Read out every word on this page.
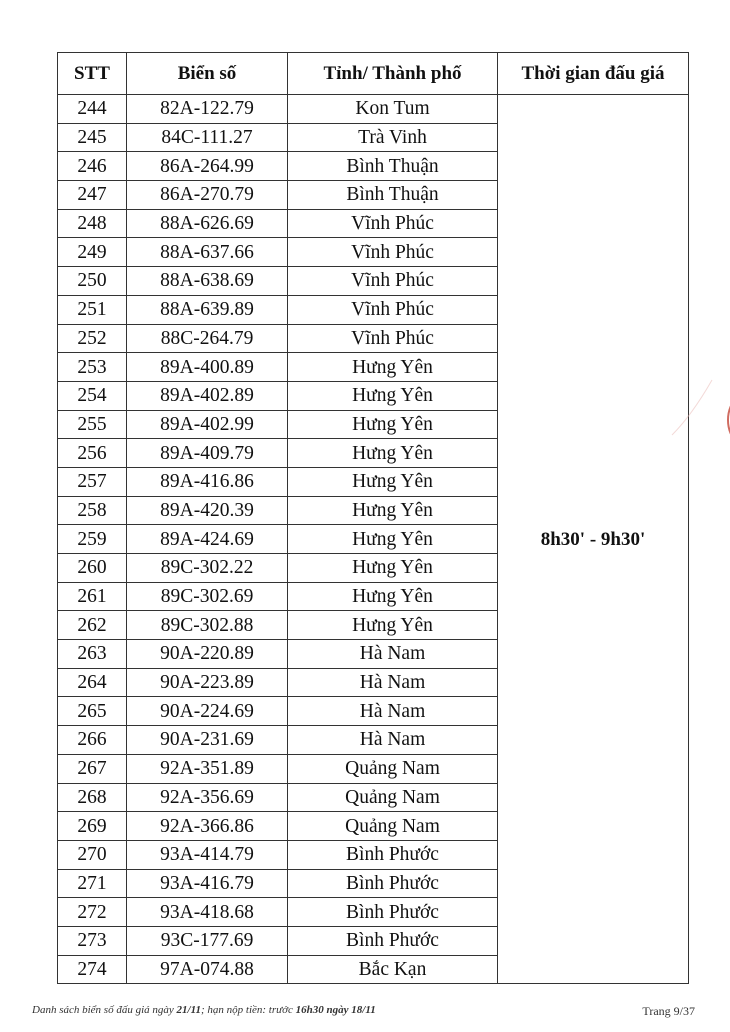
STT	Biển số	Tỉnh/ Thành phố	Thời gian đấu giá
244	82A-122.79	Kon Tum	8h30' - 9h30'
245	84C-111.27	Trà Vinh	
246	86A-264.99	Bình Thuận	
247	86A-270.79	Bình Thuận	
248	88A-626.69	Vĩnh Phúc	
249	88A-637.66	Vĩnh Phúc	
250	88A-638.69	Vĩnh Phúc	
251	88A-639.89	Vĩnh Phúc	
252	88C-264.79	Vĩnh Phúc	
253	89A-400.89	Hưng Yên	
254	89A-402.89	Hưng Yên	
255	89A-402.99	Hưng Yên	
256	89A-409.79	Hưng Yên	
257	89A-416.86	Hưng Yên	
258	89A-420.39	Hưng Yên	
259	89A-424.69	Hưng Yên	
260	89C-302.22	Hưng Yên	
261	89C-302.69	Hưng Yên	
262	89C-302.88	Hưng Yên	
263	90A-220.89	Hà Nam	
264	90A-223.89	Hà Nam	
265	90A-224.69	Hà Nam	
266	90A-231.69	Hà Nam	
267	92A-351.89	Quảng Nam	
268	92A-356.69	Quảng Nam	
269	92A-366.86	Quảng Nam	
270	93A-414.79	Bình Phước	
271	93A-416.79	Bình Phước	
272	93A-418.68	Bình Phước	
273	93C-177.69	Bình Phước	
274	97A-074.88	Bắc Kạn	
Danh sách biển số đấu giá ngày 21/11; hạn nộp tiền: trước 16h30 ngày 18/11	Trang 9/37
